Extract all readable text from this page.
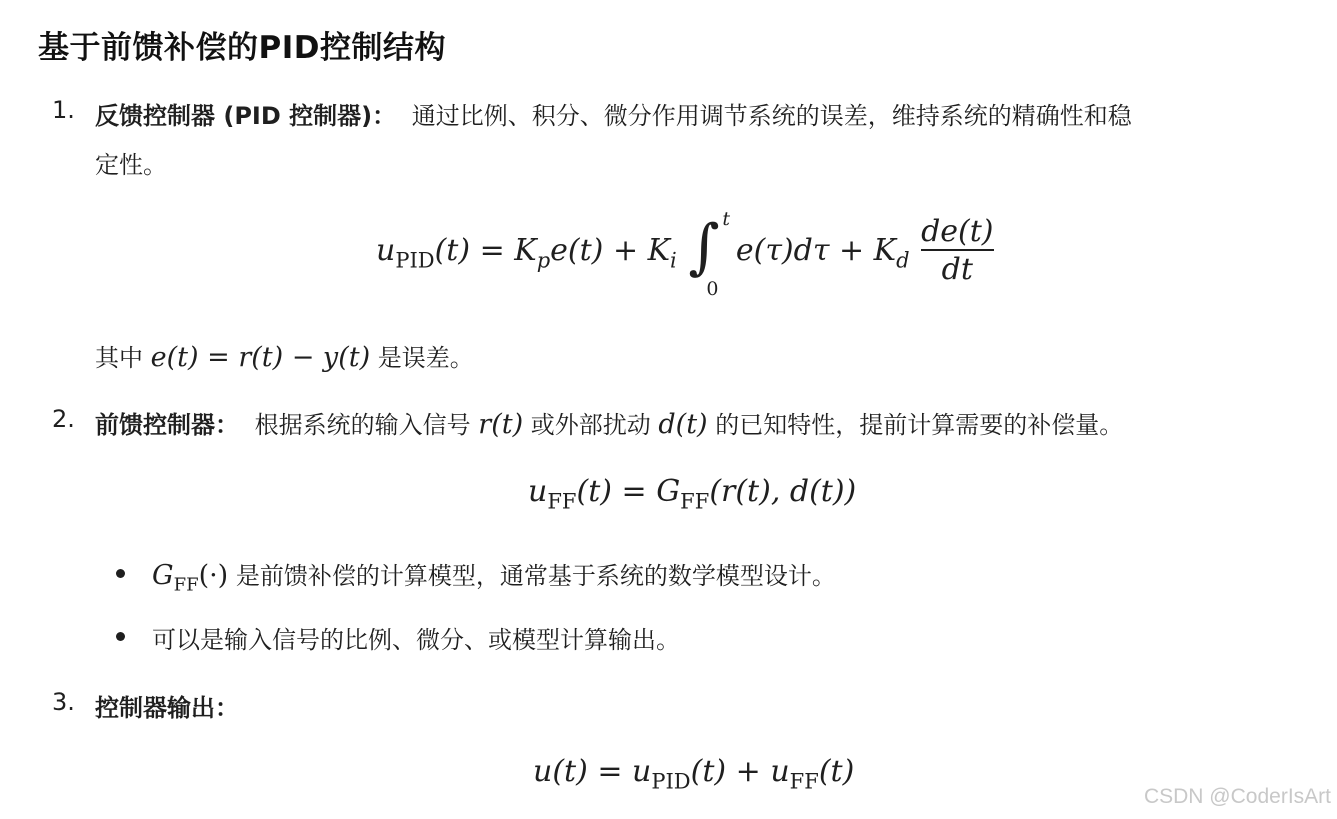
基于前馈补偿的PID控制结构
1. 反馈控制器 (PID 控制器)： 通过比例、积分、微分作用调节系统的误差，维持系统的精确性和稳
定性。
$u_{PID}(t) = K_pe(t) + K_i$ ∫ t
0
$e(\tau)d\tau + K_d \frac{de(t)}{dt}$
其中 e(t) = r(t) − y(t) 是误差。
2. 前馈控制器： 根据系统的输入信号 r(t) 或外部扰动 d(t) 的已知特性，提前计算需要的补偿量。
$u_{FF}(t) = G_{FF}(r(t)$, d(t))
$G_{FF}(\cdot)$ 是前馈补偿的计算模型，通常基于系统的数学模型设计。
可以是输入信号的比例、微分、或模型计算输出。
3. 控制器输出：
$u(t) = u_{PID}(t) + u_{FF}(t)$
CSDN @CoderIsArt
